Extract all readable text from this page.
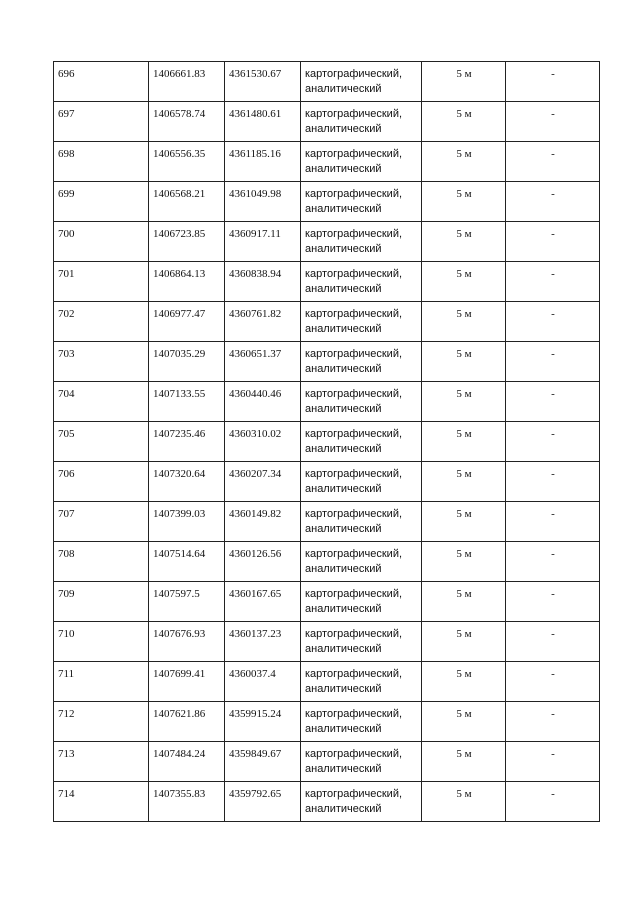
696	1406661.83	4361530.67	картографический,
аналитический	5 м	-
697	1406578.74	4361480.61	картографический,
аналитический	5 м	-
698	1406556.35	4361185.16	картографический,
аналитический	5 м	-
699	1406568.21	4361049.98	картографический,
аналитический	5 м	-
700	1406723.85	4360917.11	картографический,
аналитический	5 м	-
701	1406864.13	4360838.94	картографический,
аналитический	5 м	-
702	1406977.47	4360761.82	картографический,
аналитический	5 м	-
703	1407035.29	4360651.37	картографический,
аналитический	5 м	-
704	1407133.55	4360440.46	картографический,
аналитический	5 м	-
705	1407235.46	4360310.02	картографический,
аналитический	5 м	-
706	1407320.64	4360207.34	картографический,
аналитический	5 м	-
707	1407399.03	4360149.82	картографический,
аналитический	5 м	-
708	1407514.64	4360126.56	картографический,
аналитический	5 м	-
709	1407597.5	4360167.65	картографический,
аналитический	5 м	-
710	1407676.93	4360137.23	картографический,
аналитический	5 м	-
711	1407699.41	4360037.4	картографический,
аналитический	5 м	-
712	1407621.86	4359915.24	картографический,
аналитический	5 м	-
713	1407484.24	4359849.67	картографический,
аналитический	5 м	-
714	1407355.83	4359792.65	картографический,
аналитический	5 м	-
